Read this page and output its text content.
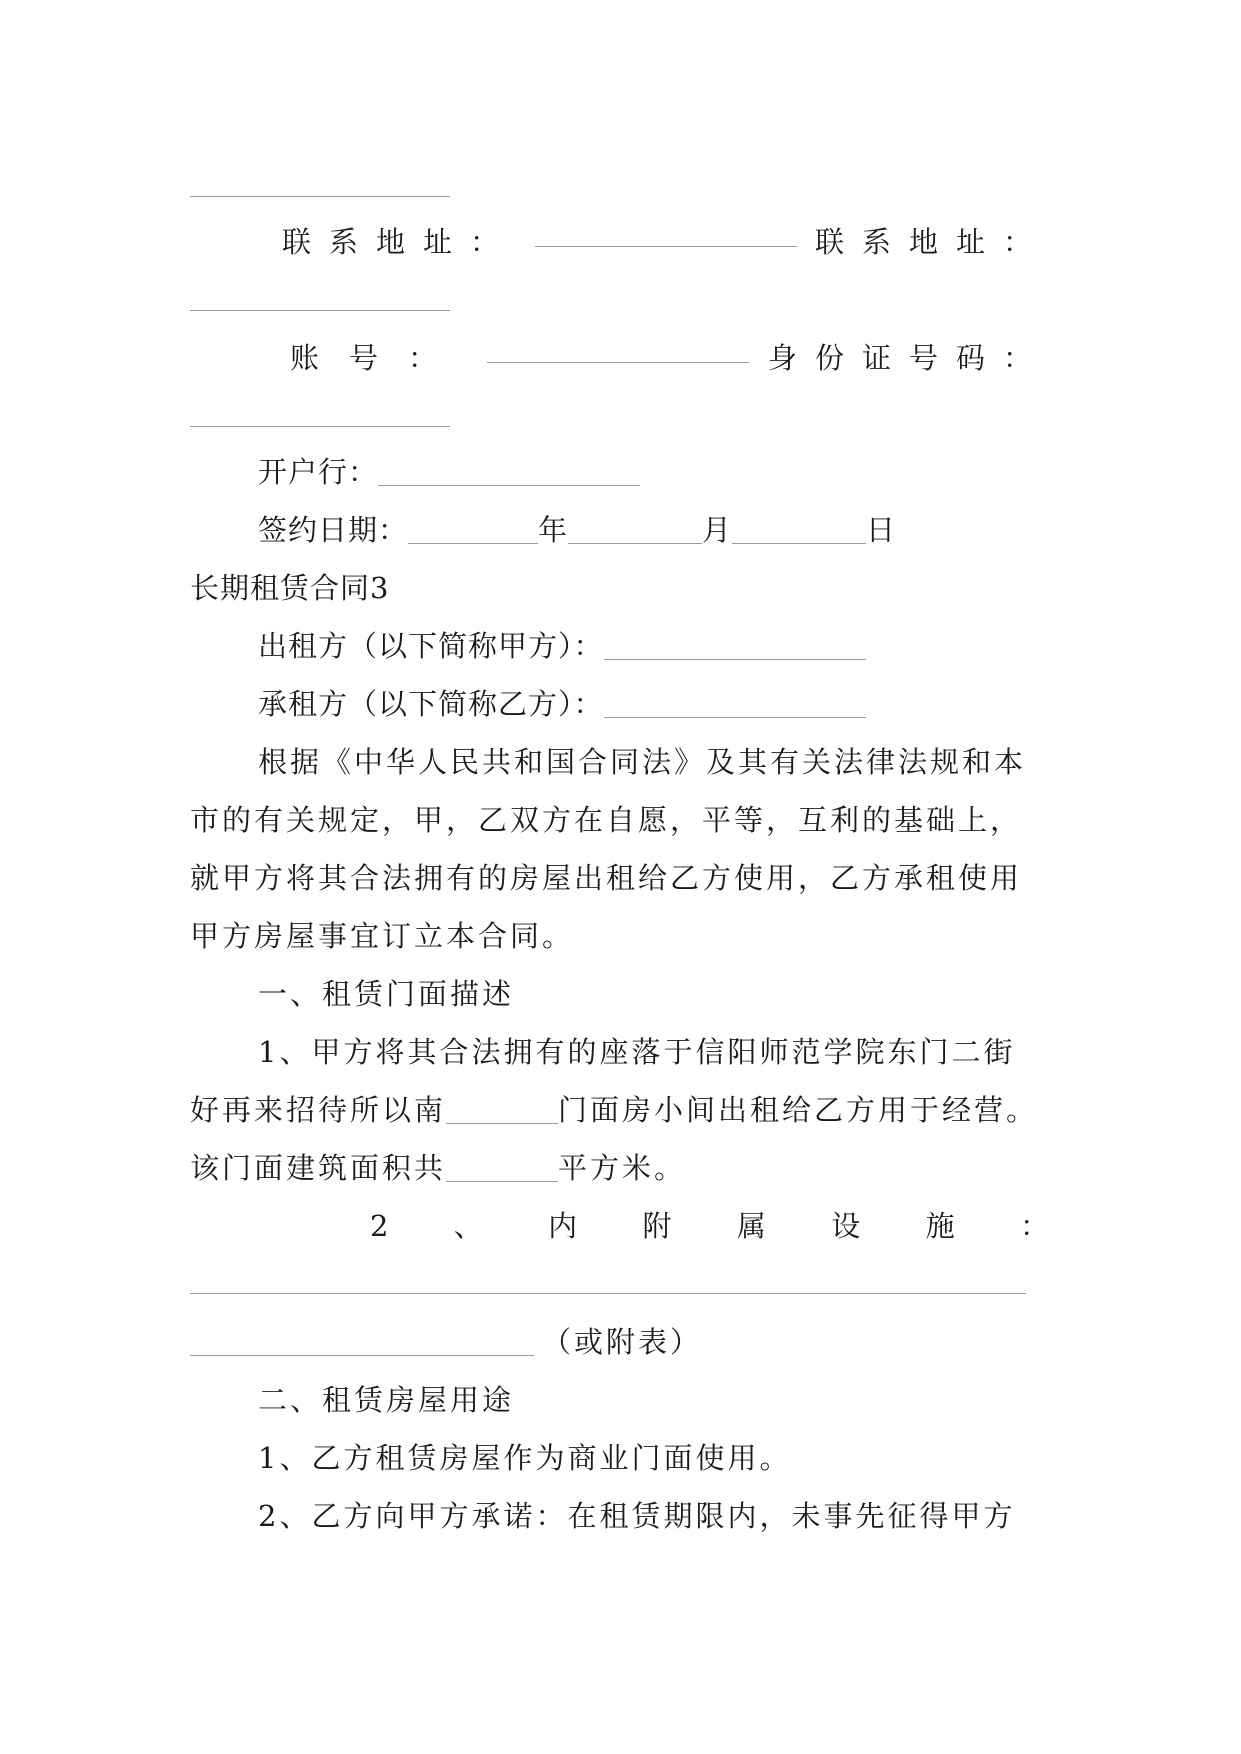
联系地址：	联系地址：
账号：	身份证号码：
开户行：
签约日期：	年	月	日
长期租赁合同3
出租方（以下简称甲方）：
承租方（以下简称乙方）：
根据《中华人民共和国合同法》及其有关法律法规和本
市的有关规定，甲，乙双方在自愿，平等，互利的基础上，
就甲方将其合法拥有的房屋出租给乙方使用，乙方承租使用
甲方房屋事宜订立本合同。
一、租赁门面描述
1、甲方将其合法拥有的座落于信阳师范学院东门二街
好再来招待所以南	门面房小间出租给乙方用于经营。
该门面建筑面积共	平方米。
2 、 内 附 属 设 施 ：
（或附表）
二、租赁房屋用途
1、乙方租赁房屋作为商业门面使用。
2、乙方向甲方承诺：在租赁期限内，未事先征得甲方
